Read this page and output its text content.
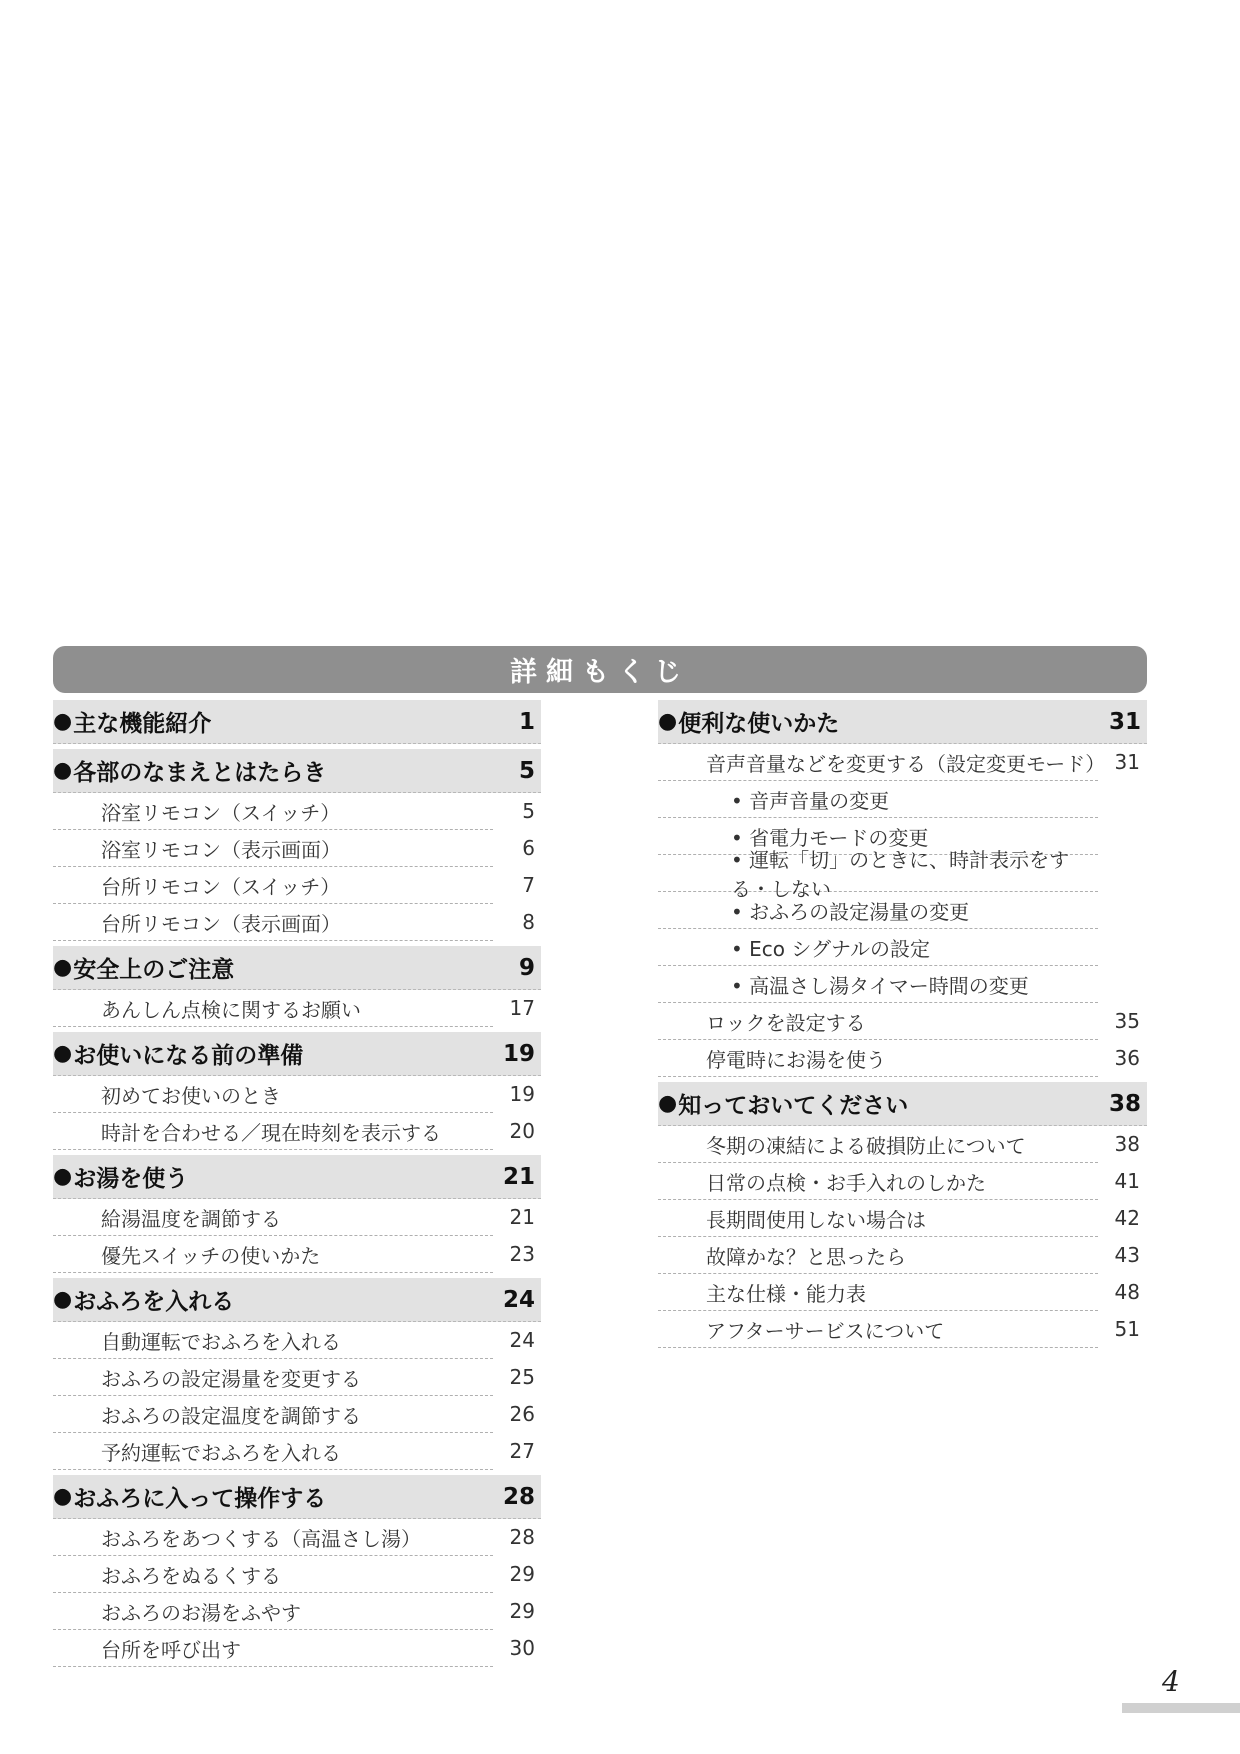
詳細もくじ
● 主な機能紹介	1
● 各部のなまえとはたらき	5
浴室リモコン（スイッチ）	5
浴室リモコン（表示画面）	6
台所リモコン（スイッチ）	7
台所リモコン（表示画面）	8
● 安全上のご注意	9
あんしん点検に関するお願い	17
● お使いになる前の準備	19
初めてお使いのとき	19
時計を合わせる／現在時刻を表示する	20
● お湯を使う	21
給湯温度を調節する	21
優先スイッチの使いかた	23
● おふろを入れる	24
自動運転でおふろを入れる	24
おふろの設定湯量を変更する	25
おふろの設定温度を調節する	26
予約運転でおふろを入れる	27
● おふろに入って操作する	28
おふろをあつくする（高温さし湯）	28
おふろをぬるくする	29
おふろのお湯をふやす	29
台所を呼び出す	30
● 便利な使いかた	31
音声音量などを変更する（設定変更モード） 31
• 音声音量の変更
• 省電力モードの変更
• 運転「切」のときに、時計表示をする・しない
• おふろの設定湯量の変更
• Eco シグナルの設定
• 高温さし湯タイマー時間の変更
ロックを設定する	35
停電時にお湯を使う	36
● 知っておいてください	38
冬期の凍結による破損防止について	38
日常の点検・お手入れのしかた	41
長期間使用しない場合は	42
故障かな？と思ったら	43
主な仕様・能力表	48
アフターサービスについて	51
4
